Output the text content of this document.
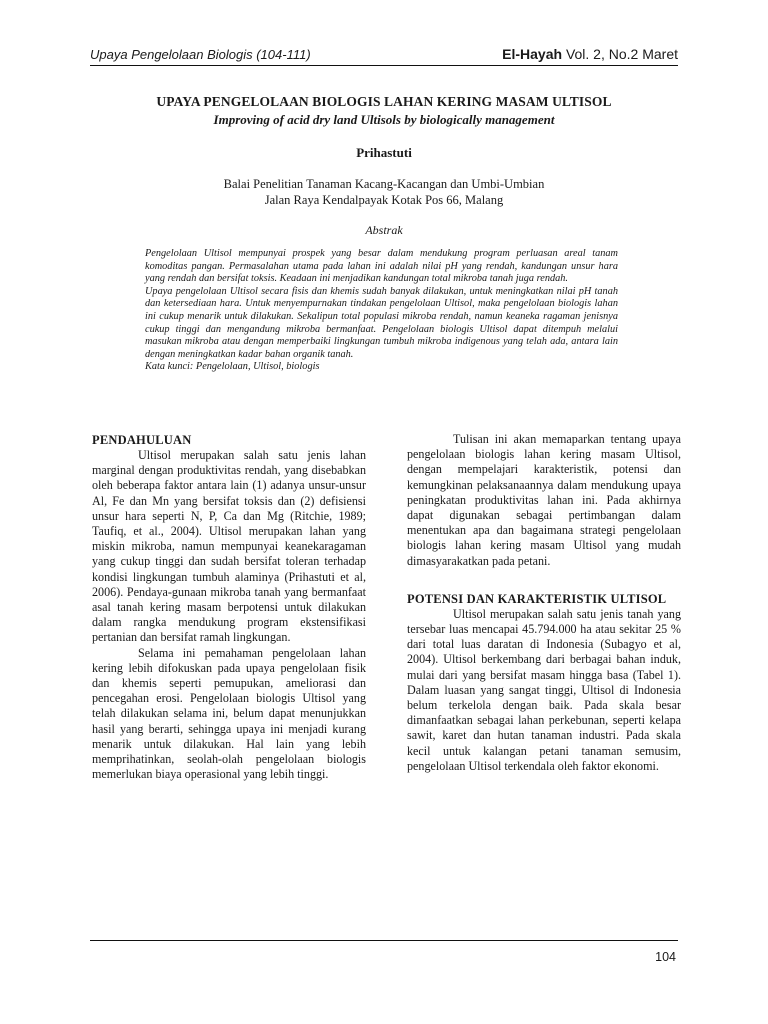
Upaya Pengelolaan Biologis (104-111)	El-Hayah Vol. 2, No.2 Maret
UPAYA PENGELOLAAN BIOLOGIS LAHAN KERING MASAM ULTISOL
Improving of acid dry land Ultisols by biologically management
Prihastuti
Balai Penelitian Tanaman Kacang-Kacangan dan Umbi-Umbian
Jalan Raya Kendalpayak Kotak Pos 66, Malang
Abstrak

Pengelolaan Ultisol mempunyai prospek yang besar dalam mendukung program perluasan areal tanam komoditas pangan. Permasalahan utama pada lahan ini adalah nilai pH yang rendah, kandungan unsur hara yang rendah dan bersifat toksis. Keadaan ini menjadikan kandungan total mikroba tanah juga rendah.

Upaya pengelolaan Ultisol secara fisis dan khemis sudah banyak dilakukan, untuk meningkatkan nilai pH tanah dan ketersediaan hara. Untuk menyempurnakan tindakan pengelolaan Ultisol, maka pengelolaan biologis lahan ini cukup menarik untuk dilakukan. Sekalipun total populasi mikroba rendah, namun keaneka ragaman jenisnya cukup tinggi dan mengandung mikroba bermanfaat. Pengelolaan biologis Ultisol dapat ditempuh melalui masukan mikroba atau dengan memperbaiki lingkungan tumbuh mikroba indigenous yang telah ada, antara lain dengan meningkatkan kadar bahan organik tanah.

Kata kunci: Pengelolaan, Ultisol, biologis

PENDAHULUAN

Ultisol merupakan salah satu jenis lahan marginal dengan produktivitas rendah, yang disebabkan oleh beberapa faktor antara lain (1) adanya unsur-unsur Al, Fe dan Mn yang bersifat toksis dan (2) defisiensi unsur hara seperti N, P, Ca dan Mg (Ritchie, 1989; Taufiq, et al., 2004). Ultisol merupakan lahan yang miskin mikroba, namun mempunyai keanekaragaman yang cukup tinggi dan sudah bersifat toleran terhadap kondisi lingkungan tumbuh alaminya (Prihastuti et al, 2006). Pendaya-gunaan mikroba tanah yang bermanfaat asal tanah kering masam berpotensi untuk dilakukan dalam rangka mendukung program ekstensifikasi pertanian dan bersifat ramah lingkungan.

Selama ini pemahaman pengelolaan lahan kering lebih difokuskan pada upaya pengelolaan fisik dan khemis seperti pemupukan, ameliorasi dan pencegahan erosi. Pengelolaan biologis Ultisol yang telah dilakukan selama ini, belum dapat menunjukkan hasil yang berarti, sehingga upaya ini menjadi kurang menarik untuk dilakukan. Hal lain yang lebih memprihatinkan, seolah-olah pengelolaan biologis memerlukan biaya operasional yang lebih tinggi.

Tulisan ini akan memaparkan tentang upaya pengelolaan biologis lahan kering masam Ultisol, dengan mempelajari karakteristik, potensi dan kemungkinan pelaksanaannya dalam mendukung upaya peningkatan produktivitas lahan ini. Pada akhirnya dapat digunakan sebagai pertimbangan dalam menentukan apa dan bagaimana strategi pengelolaan biologis lahan kering masam Ultisol yang mudah dimasyarakatkan pada petani.

POTENSI DAN KARAKTERISTIK ULTISOL

Ultisol merupakan salah satu jenis tanah yang tersebar luas mencapai 45.794.000 ha atau sekitar 25 % dari total luas daratan di Indonesia (Subagyo et al, 2004). Ultisol berkembang dari berbagai bahan induk, mulai dari yang bersifat masam hingga basa (Tabel 1). Dalam luasan yang sangat tinggi, Ultisol di Indonesia belum terkelola dengan baik. Pada skala besar dimanfaatkan sebagai lahan perkebunan, seperti kelapa sawit, karet dan hutan tanaman industri. Pada skala kecil untuk kalangan petani tanaman semusim, pengelolaan Ultisol terkendala oleh faktor ekonomi.

104
